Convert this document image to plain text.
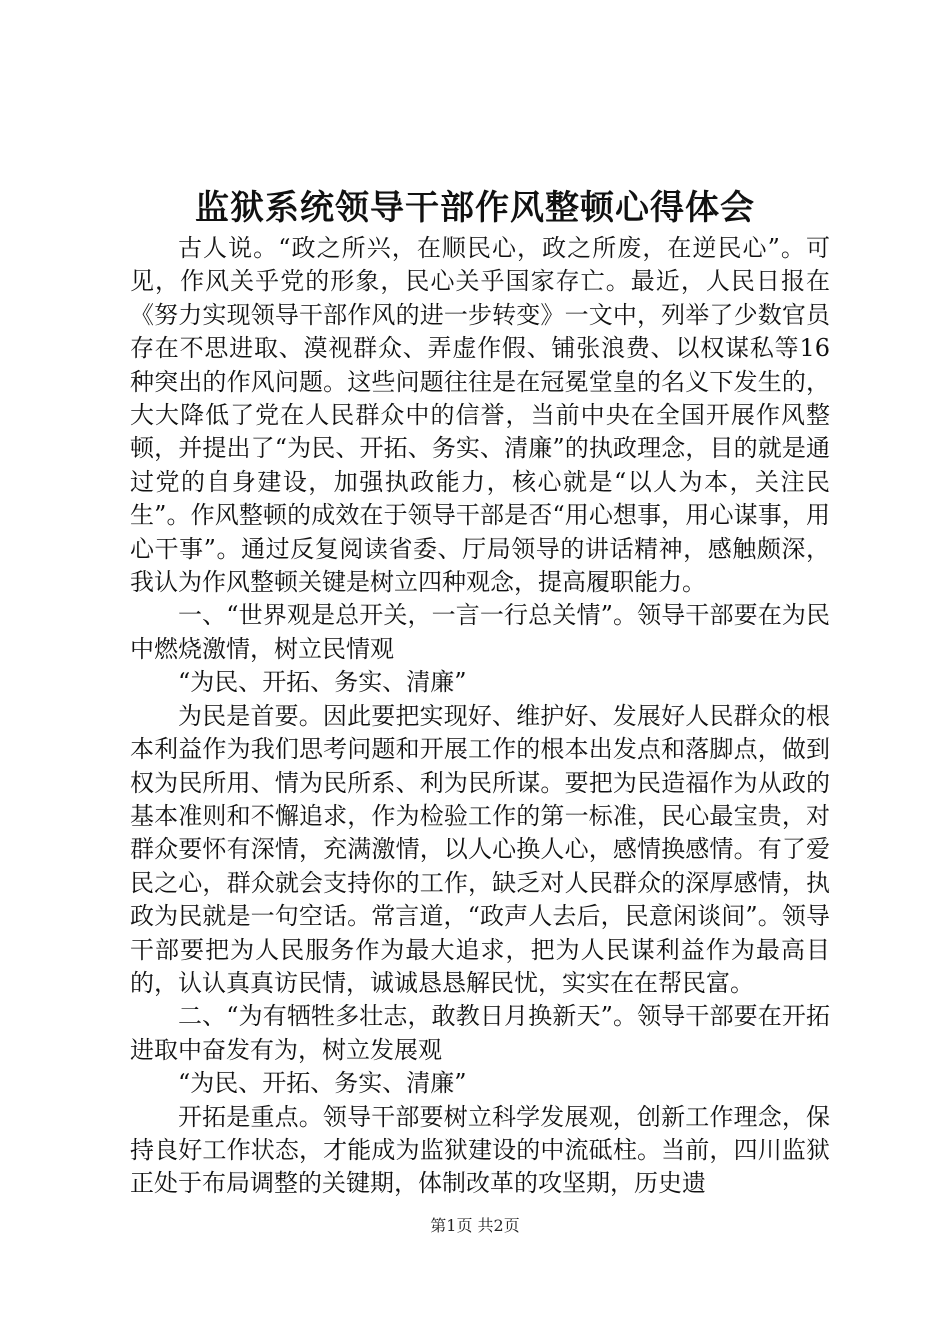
监狱系统领导干部作风整顿心得体会

古人说。“政之所兴，在顺民心，政之所废，在逆民心”。可见，作风关乎党的形象，民心关乎国家存亡。最近，人民日报在《努力实现领导干部作风的进一步转变》一文中，列举了少数官员存在不思进取、漠视群众、弄虚作假、铺张浪费、以权谋私等16种突出的作风问题。这些问题往往是在冠冕堂皇的名义下发生的，大大降低了党在人民群众中的信誉，当前中央在全国开展作风整顿，并提出了“为民、开拓、务实、清廉”的执政理念，目的就是通过党的自身建设，加强执政能力，核心就是“以人为本，关注民生”。作风整顿的成效在于领导干部是否“用心想事，用心谋事，用心干事”。通过反复阅读省委、厅局领导的讲话精神，感触颇深，我认为作风整顿关键是树立四种观念，提高履职能力。

一、“世界观是总开关，一言一行总关情”。领导干部要在为民中燃烧激情，树立民情观

“为民、开拓、务实、清廉”

为民是首要。因此要把实现好、维护好、发展好人民群众的根本利益作为我们思考问题和开展工作的根本出发点和落脚点，做到权为民所用、情为民所系、利为民所谋。要把为民造福作为从政的基本准则和不懈追求，作为检验工作的第一标准，民心最宝贵，对群众要怀有深情，充满激情，以人心换人心，感情换感情。有了爱民之心，群众就会支持你的工作，缺乏对人民群众的深厚感情，执政为民就是一句空话。常言道，“政声人去后，民意闲谈间”。领导干部要把为人民服务作为最大追求，把为人民谋利益作为最高目的，认认真真访民情，诚诚恳恳解民忧，实实在在帮民富。

二、“为有牺牲多壮志，敢教日月换新天”。领导干部要在开拓进取中奋发有为，树立发展观

“为民、开拓、务实、清廉”

开拓是重点。领导干部要树立科学发展观，创新工作理念，保持良好工作状态，才能成为监狱建设的中流砥柱。当前，四川监狱正处于布局调整的关键期，体制改革的攻坚期，历史遗

第1页 共2页
